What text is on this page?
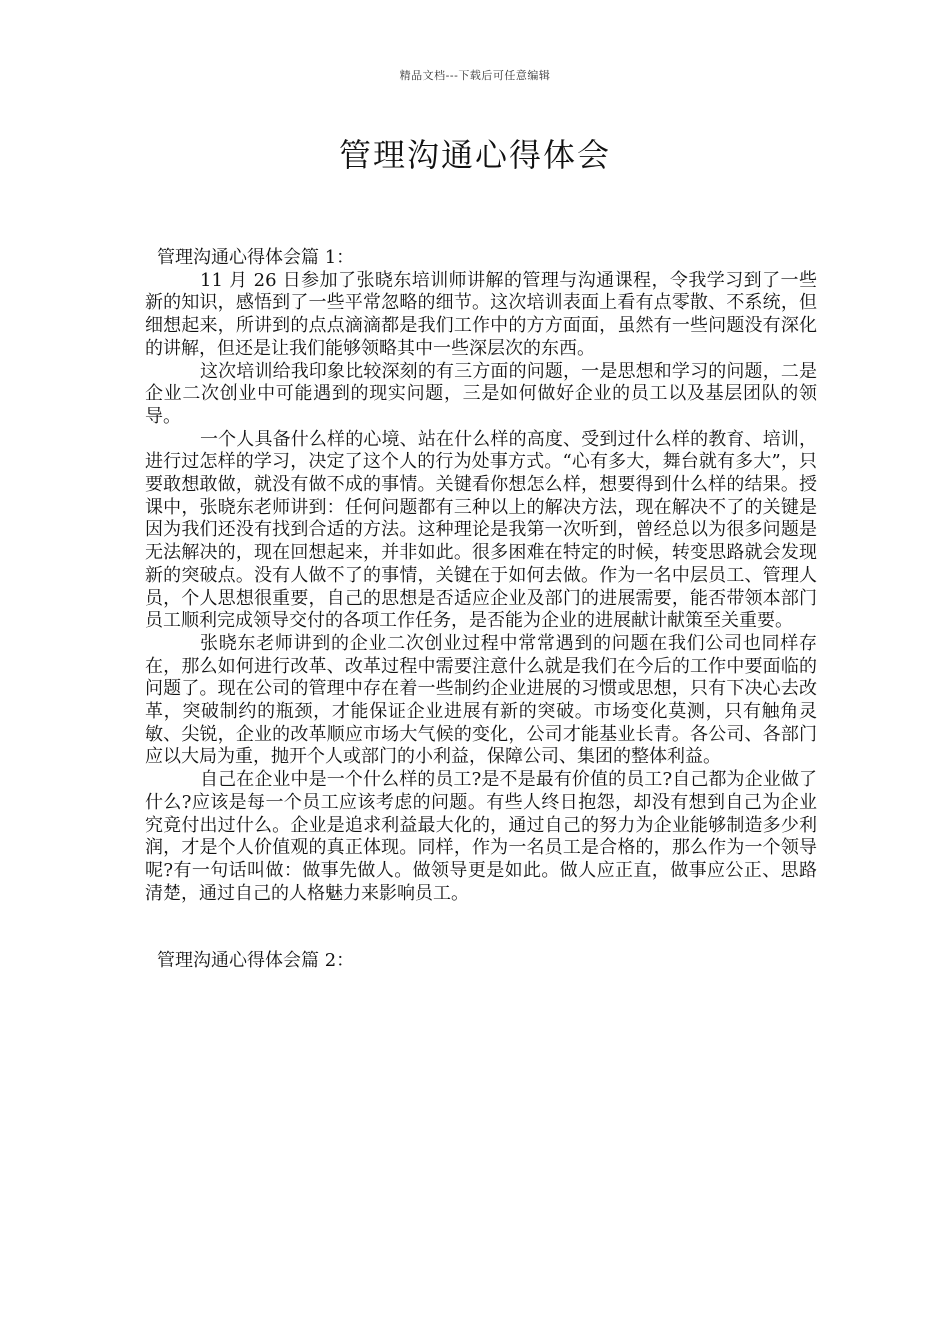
精品文档---下载后可任意编辑
管理沟通心得体会

管理沟通心得体会篇 1：

11 月 26 日参加了张晓东培训师讲解的管理与沟通课程，令我学习到了一些新的知识，感悟到了一些平常忽略的细节。这次培训表面上看有点零散、不系统，但细想起来，所讲到的点点滴滴都是我们工作中的方方面面，虽然有一些问题没有深化的讲解，但还是让我们能够领略其中一些深层次的东西。

这次培训给我印象比较深刻的有三方面的问题，一是思想和学习的问题，二是企业二次创业中可能遇到的现实问题，三是如何做好企业的员工以及基层团队的领导。

一个人具备什么样的心境、站在什么样的高度、受到过什么样的教育、培训，进行过怎样的学习，决定了这个人的行为处事方式。“心有多大，舞台就有多大”，只要敢想敢做，就没有做不成的事情。关键看你想怎么样，想要得到什么样的结果。授课中，张晓东老师讲到：任何问题都有三种以上的解决方法，现在解决不了的关键是因为我们还没有找到合适的方法。这种理论是我第一次听到，曾经总以为很多问题是无法解决的，现在回想起来，并非如此。很多困难在特定的时候，转变思路就会发现新的突破点。没有人做不了的事情，关键在于如何去做。作为一名中层员工、管理人员，个人思想很重要，自己的思想是否适应企业及部门的进展需要，能否带领本部门员工顺利完成领导交付的各项工作任务，是否能为企业的进展献计献策至关重要。

张晓东老师讲到的企业二次创业过程中常常遇到的问题在我们公司也同样存在，那么如何进行改革、改革过程中需要注意什么就是我们在今后的工作中要面临的问题了。现在公司的管理中存在着一些制约企业进展的习惯或思想，只有下决心去改革，突破制约的瓶颈，才能保证企业进展有新的突破。市场变化莫测，只有触角灵敏、尖锐，企业的改革顺应市场大气候的变化，公司才能基业长青。各公司、各部门应以大局为重，抛开个人或部门的小利益，保障公司、集团的整体利益。

自己在企业中是一个什么样的员工?是不是最有价值的员工?自己都为企业做了什么?应该是每一个员工应该考虑的问题。有些人终日抱怨，却没有想到自己为企业究竟付出过什么。企业是追求利益最大化的，通过自己的努力为企业能够制造多少利润，才是个人价值观的真正体现。同样，作为一名员工是合格的，那么作为一个领导呢?有一句话叫做：做事先做人。做领导更是如此。做人应正直，做事应公正、思路清楚，通过自己的人格魅力来影响员工。

管理沟通心得体会篇 2：
